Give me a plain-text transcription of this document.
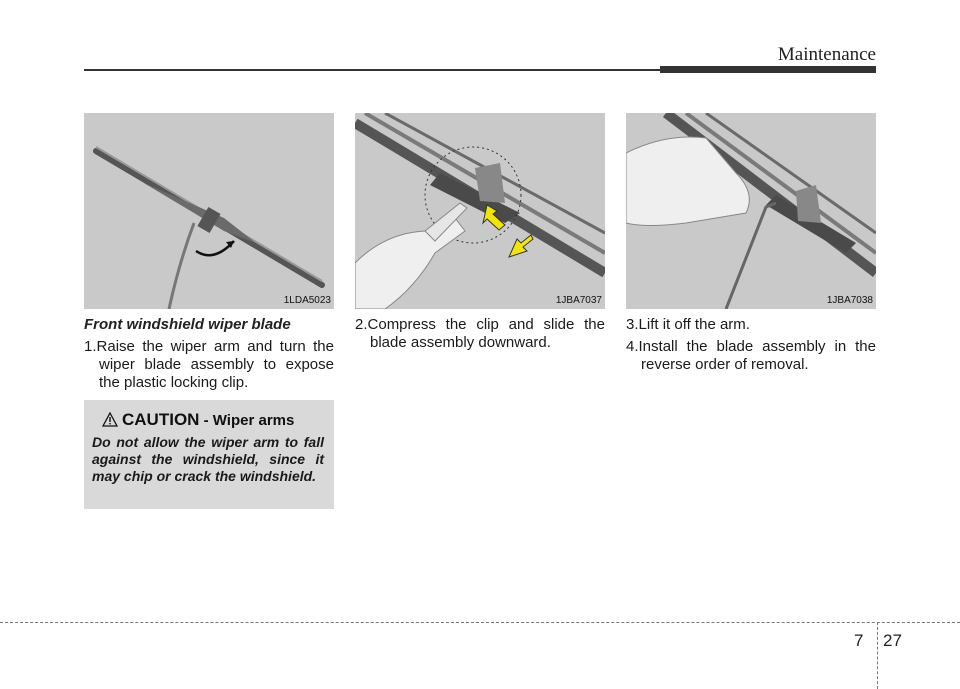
Maintenance
1LDA5023	1JBA7037	1JBA7038
Front windshield wiper blade
1.Raise the wiper arm and turn the wiper blade assembly to expose the plastic locking clip.
2.Compress the clip and slide the blade assembly downward.
3.Lift it off the arm.
4.Install the blade assembly in the reverse order of removal.
CAUTION - Wiper arms
Do not allow the wiper arm to fall against the windshield, since it may chip or crack the windshield.
7 27
